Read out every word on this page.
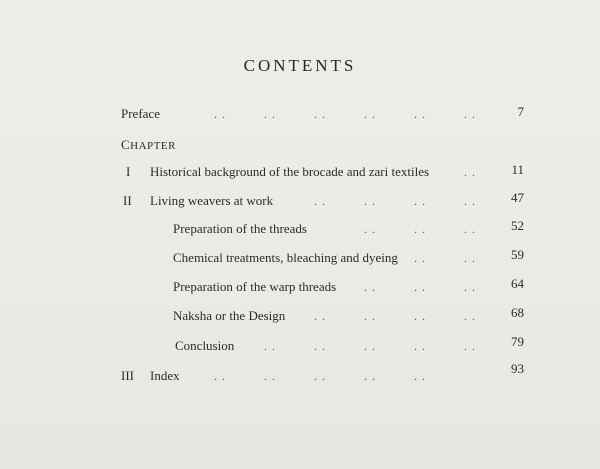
CONTENTS
Preface	. .	. .	. .	. .	. .	. .	7
CHAPTER
I Historical background of the brocade and zari textiles	. .	11
II Living weavers at work	. .	. .	. .	. .	47
Preparation of the threads	. .	. .	. .	52
Chemical treatments, bleaching and dyeing . .	. .	59
Preparation of the warp threads . .	. .	. .	64
Naksha or the Design . .	. .	. .	. .	68
Conclusion . .	. .	. .	. .	. .	79
III Index	. .	. .	. .	. .	. .	93
